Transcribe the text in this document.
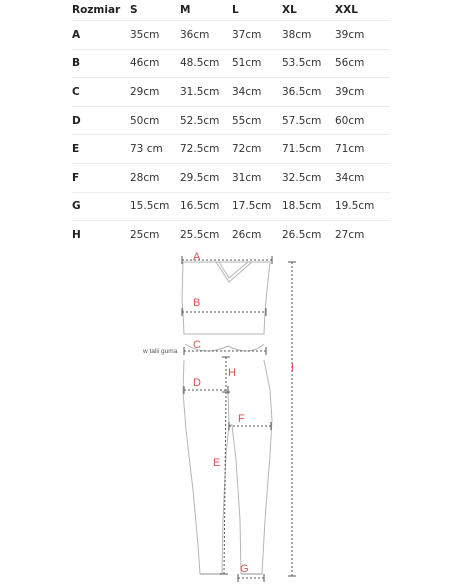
Rozmiar	S	M	L	XL	XXL
A	35cm	36cm	37cm	38cm	39cm
B	46cm	48.5cm	51cm	53.5cm	56cm
C	29cm	31.5cm	34cm	36.5cm	39cm
D	50cm	52.5cm	55cm	57.5cm	60cm
E	73 cm	72.5cm	72cm	71.5cm	71cm
F	28cm	29.5cm	31cm	32.5cm	34cm
G	15.5cm	16.5cm	17.5cm	18.5cm	19.5cm
H	25cm	25.5cm	26cm	26.5cm	27cm
A
B
C
D
E
F
G
H	I
w talii guma
